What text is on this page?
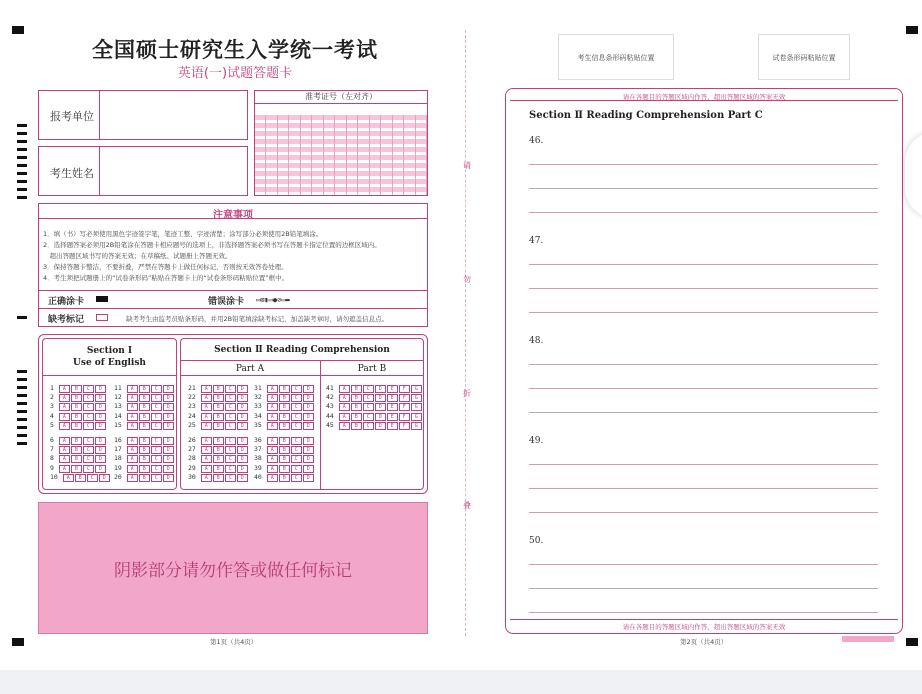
全国硕士研究生入学统一考试
英语(一)试题答题卡
报考单位
考生姓名
准考证号（左对齐）
注意事项
1．填（书）写必须使用黑色字迹签字笔，笔迹工整、字迹清楚；涂写部分必须使用2B铅笔填涂。
2．选择题答案必须用2B铅笔涂在答题卡相应题号的选项上，非选择题答案必须书写在答题卡指定位置的边框区域内。
　超出答题区域书写的答案无效；在草稿纸、试题册上答题无效。
3．保持答题卡整洁，不要折叠，严禁在答题卡上做任何标记，否则按无效答卷处理。
4．考生须把试题册上的“试卷条形码”粘贴在答题卡上的“试卷条形码粘贴位置”框中。
正确涂卡	错误涂卡 ▭⊠▮▭●⊘▭▬
缺考标记	缺考考生由监考员贴条形码，并用2B铅笔填涂缺考标记，加盖缺考章时，请勿遮盖信息点。
Section Ⅰ
Use of English
Section Ⅱ Reading Comprehension
Part A	Part B
1 A B C D
2 A B C D
3 A B C D
4 A B C D
5 A B C D
6 A B C D
7 A B C D
8 A B C D
9 A B C D
10 A B C D
11 A B C D
12 A B C D
13 A B C D
14 A B C D
15 A B C D
16 A B C D
17 A B C D
18 A B C D
19 A B C D
20 A B C D
21 A B C D
22 A B C D
23 A B C D
24 A B C D
25 A B C D
26 A B C D
27 A B C D
28 A B C D
29 A B C D
30 A B C D
31 A B C D
32 A B C D
33 A B C D
34 A B C D
35 A B C D
36 A B C D
37 A B C D
38 A B C D
39 A B C D
40 A B C D
41 A B C D E F G
42 A B C D E F G
43 A B C D E F G
44 A B C D E F G
45 A B C D E F G
阴影部分请勿作答或做任何标记
第1页（共4页）
请
勿
折
叠
考生信息条形码粘贴位置	试卷条形码粘贴位置
请在各题目的答题区域内作答，超出答题区域的答案无效
Section Ⅱ Reading Comprehension Part C
46.
47.
48.
49.
50.
请在各题目的答题区域内作答，超出答题区域的答案无效
第2页（共4页）
